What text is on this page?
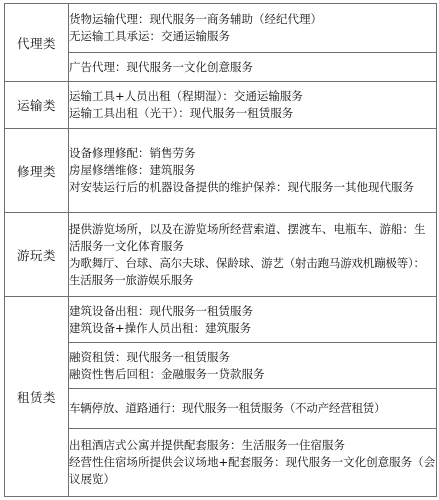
代理类	货物运输代理：现代服务一商务辅助（经纪代理）
无运输工具承运：交通运输服务

	广告代理：现代服务一文化创意服务

运输类	运输工具+人员出租（程期湿）：交通运输服务
运输工具出租（光干）：现代服务一租赁服务

修理类	设备修理修配：销售劳务
房屋修缮维修：建筑服务
对安装运行后的机器设备提供的维护保养：现代服务一其他现代服务

游玩类	提供游览场所，以及在游览场所经营索道、摆渡车、电瓶车、游船：生活服务一文化体育服务
为歌舞厅、台球、高尔夫球、保龄球、游艺（射击跑马游戏机蹦极等）：生活服务一旅游娱乐服务

租赁类	建筑设备出租：现代服务一租赁服务
建筑设备+操作人员出租：建筑服务

	融资租赁：现代服务一租赁服务
融资性售后回租：金融服务一贷款服务

	车辆停放、道路通行：现代服务一租赁服务（不动产经营租赁）

	出租酒店式公寓并提供配套服务：生活服务一住宿服务
经营性住宿场所提供会议场地+配套服务：现代服务一文化创意服务（会议展览）
